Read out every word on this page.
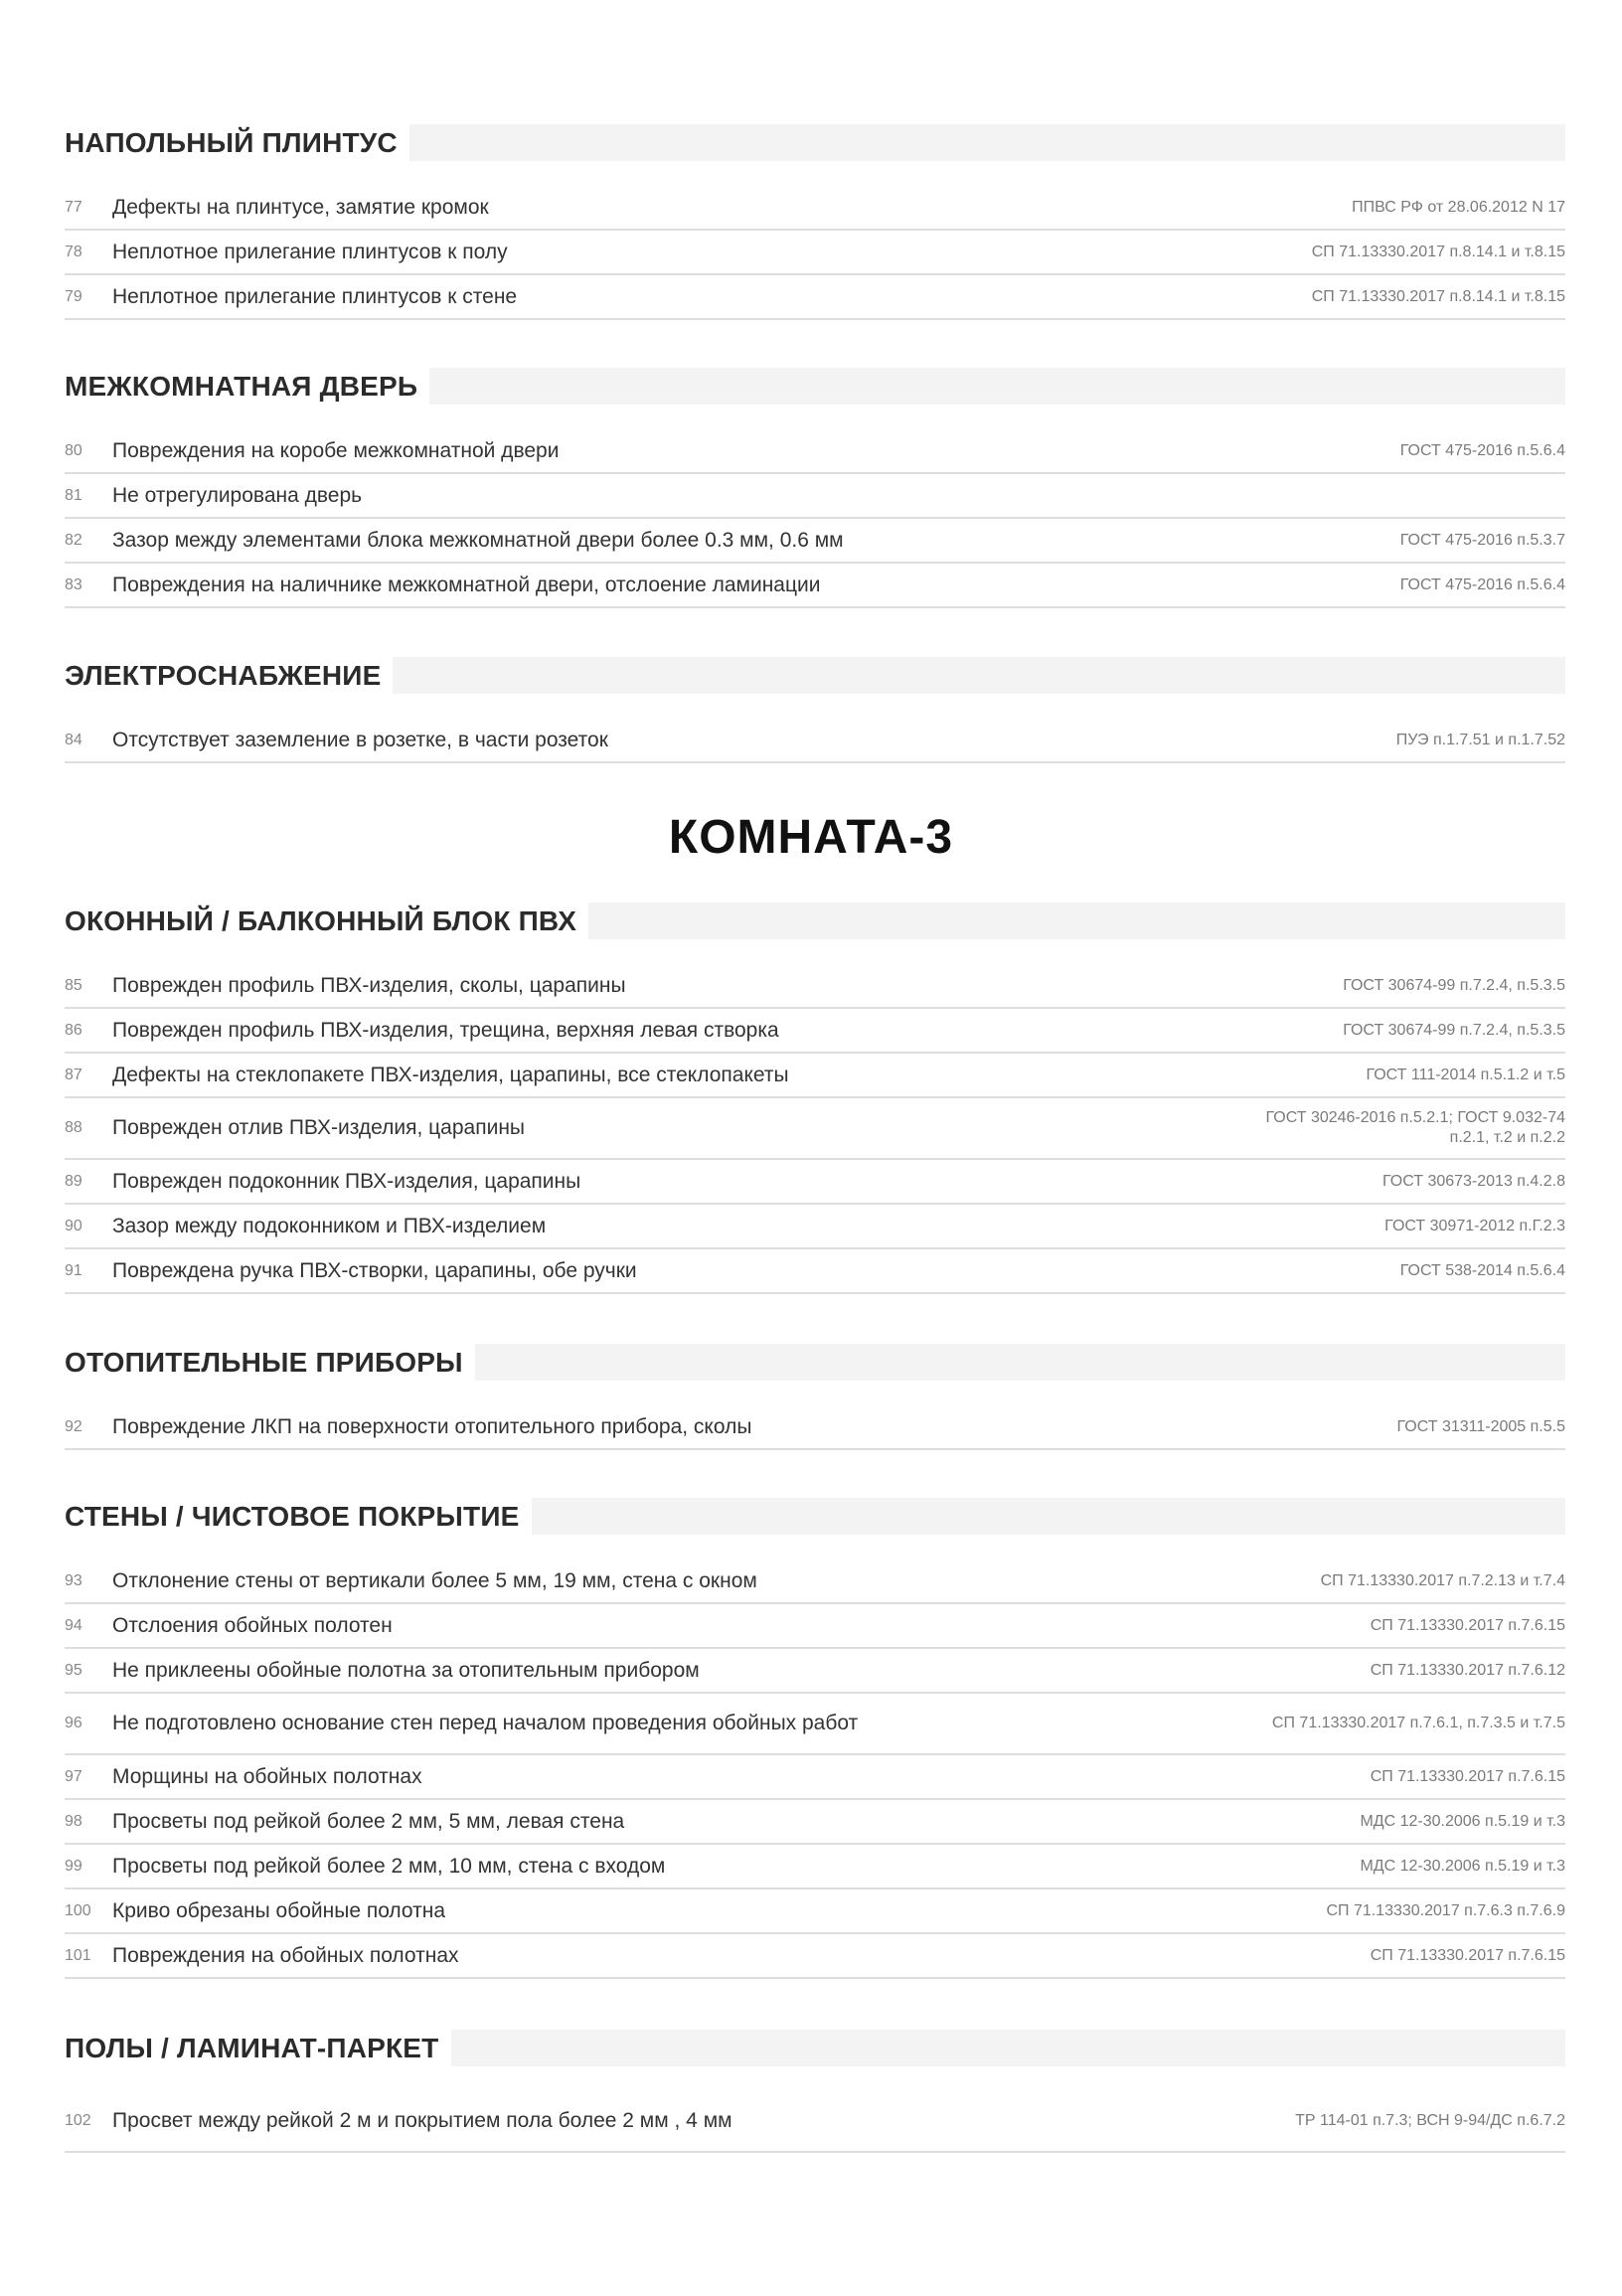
НАПОЛЬНЫЙ ПЛИНТУС
77	Дефекты на плинтусе, замятие кромок	ППВС РФ от 28.06.2012 N 17
78	Неплотное прилегание плинтусов к полу	СП 71.13330.2017 п.8.14.1 и т.8.15
79	Неплотное прилегание плинтусов к стене	СП 71.13330.2017 п.8.14.1 и т.8.15
МЕЖКОМНАТНАЯ ДВЕРЬ
80	Повреждения на коробе межкомнатной двери	ГОСТ 475-2016 п.5.6.4
81	Не отрегулирована дверь
82	Зазор между элементами блока межкомнатной двери более 0.3 мм, 0.6 мм	ГОСТ 475-2016 п.5.3.7
83	Повреждения на наличнике межкомнатной двери, отслоение ламинации	ГОСТ 475-2016 п.5.6.4
ЭЛЕКТРОСНАБЖЕНИЕ
84	Отсутствует заземление в розетке, в части розеток	ПУЭ п.1.7.51 и п.1.7.52
КОМНАТА-3
ОКОННЫЙ / БАЛКОННЫЙ БЛОК ПВХ
85	Поврежден профиль ПВХ-изделия, сколы, царапины	ГОСТ 30674-99 п.7.2.4, п.5.3.5
86	Поврежден профиль ПВХ-изделия, трещина, верхняя левая створка	ГОСТ 30674-99 п.7.2.4, п.5.3.5
87	Дефекты на стеклопакете ПВХ-изделия, царапины, все стеклопакеты	ГОСТ 111-2014 п.5.1.2 и т.5
88	Поврежден отлив ПВХ-изделия, царапины	ГОСТ 30246-2016 п.5.2.1; ГОСТ 9.032-74 п.2.1, т.2 и п.2.2
89	Поврежден подоконник ПВХ-изделия, царапины	ГОСТ 30673-2013 п.4.2.8
90	Зазор между подоконником и ПВХ-изделием	ГОСТ 30971-2012 п.Г.2.3
91	Повреждена ручка ПВХ-створки, царапины, обе ручки	ГОСТ 538-2014 п.5.6.4
ОТОПИТЕЛЬНЫЕ ПРИБОРЫ
92	Повреждение ЛКП на поверхности отопительного прибора, сколы	ГОСТ 31311-2005 п.5.5
СТЕНЫ / ЧИСТОВОЕ ПОКРЫТИЕ
93	Отклонение стены от вертикали более 5 мм, 19 мм, стена с окном	СП 71.13330.2017 п.7.2.13 и т.7.4
94	Отслоения обойных полотен	СП 71.13330.2017 п.7.6.15
95	Не приклеены обойные полотна за отопительным прибором	СП 71.13330.2017 п.7.6.12
96	Не подготовлено основание стен перед началом проведения обойных работ	СП 71.13330.2017 п.7.6.1, п.7.3.5 и т.7.5
97	Морщины на обойных полотнах	СП 71.13330.2017 п.7.6.15
98	Просветы под рейкой более 2 мм, 5 мм, левая стена	МДС 12-30.2006 п.5.19 и т.3
99	Просветы под рейкой более 2 мм, 10 мм, стена с входом	МДС 12-30.2006 п.5.19 и т.3
100	Криво обрезаны обойные полотна	СП 71.13330.2017 п.7.6.3 п.7.6.9
101	Повреждения на обойных полотнах	СП 71.13330.2017 п.7.6.15
ПОЛЫ / ЛАМИНАТ-ПАРКЕТ
102	Просвет между рейкой 2 м и покрытием пола более 2 мм , 4 мм	ТР 114-01 п.7.3; ВСН 9-94/ДС п.6.7.2
